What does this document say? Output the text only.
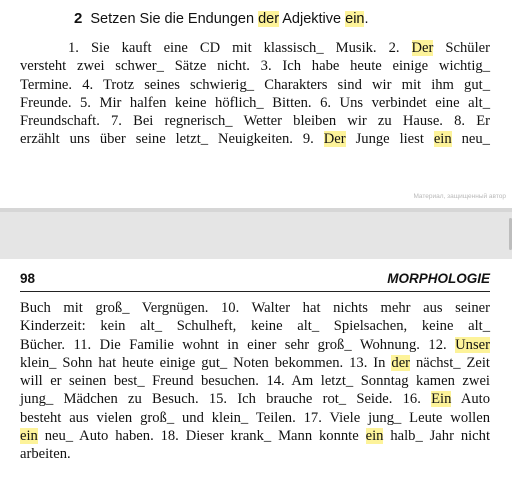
2 Setzen Sie die Endungen der Adjektive ein.
1. Sie kauft eine CD mit klassisch_ Musik. 2. Der Schüler
versteht zwei schwer_ Sätze nicht. 3. Ich habe heute einige wichtig_
Termine. 4. Trotz seines schwierig_ Charakters sind wir mit ihm gut_
Freunde. 5. Mir halfen keine höflich_ Bitten. 6. Uns verbindet eine alt_
Freundschaft. 7. Bei regnerisch_ Wetter bleiben wir zu Hause. 8. Er
erzählt uns über seine letzt_ Neuigkeiten. 9. Der Junge liest ein neu_
Материал, защищенный автор
98	MORPHOLOGIE
Buch mit groß_ Vergnügen. 10. Walter hat nichts mehr aus seiner
Kinderzeit: kein alt_ Schulheft, keine alt_ Spielsachen, keine alt_
Bücher. 11. Die Familie wohnt in einer sehr groß_ Wohnung. 12. Unser
klein_ Sohn hat heute einige gut_ Noten bekommen. 13. In der nächst_ Zeit
will er seinen best_ Freund besuchen. 14. Am letzt_ Sonntag kamen zwei
jung_ Mädchen zu Besuch. 15. Ich brauche rot_ Seide. 16. Ein Auto
besteht aus vielen groß_ und klein_ Teilen. 17. Viele jung_ Leute wollen
ein neu_ Auto haben. 18. Dieser krank_ Mann konnte ein halb_ Jahr nicht
arbeiten.
